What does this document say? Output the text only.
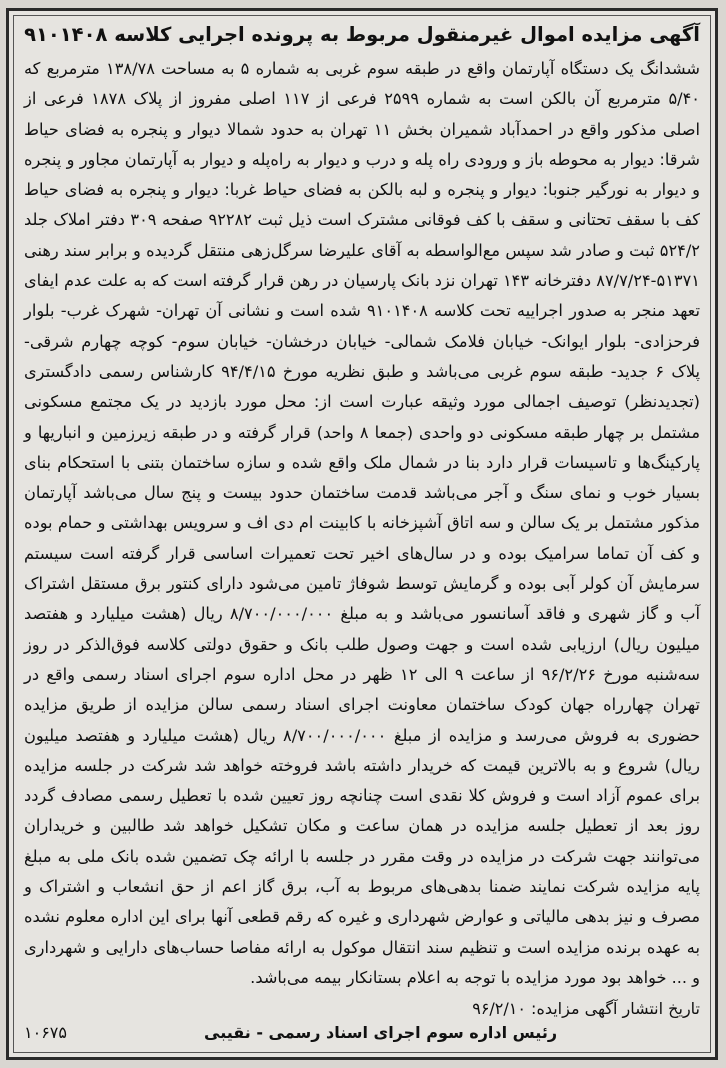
آگهی مزایده اموال غیرمنقول مربوط به پرونده اجرایی کلاسه ۹۱۰۱۴۰۸

ششدانگ یک دستگاه آپارتمان واقع در طبقه سوم غربی به شماره ۵ به مساحت ۱۳۸/۷۸ مترمربع که ۵/۴۰ مترمربع آن بالکن است به شماره ۲۵۹۹ فرعی از ۱۱۷ اصلی مفروز از پلاک ۱۸۷۸ فرعی از اصلی مذکور واقع در احمدآباد شمیران بخش ۱۱ تهران به حدود شمالا دیوار و پنجره به فضای حیاط شرقا: دیوار به محوطه باز و ورودی راه پله و درب و دیوار به راه‌پله و دیوار به آپارتمان مجاور و پنجره و دیوار به نورگیر جنوبا: دیوار و پنجره و لبه بالکن به فضای حیاط غربا: دیوار و پنجره به فضای حیاط کف با سقف تحتانی و سقف با کف فوقانی مشترک است ذیل ثبت ۹۲۲۸۲ صفحه ۳۰۹ دفتر املاک جلد ۵۲۴/۲ ثبت و صادر شد سپس مع‌الواسطه به آقای علیرضا سرگل‌زهی منتقل گردیده و برابر سند رهنی ۵۱۳۷۱-۸۷/۷/۲۴ دفترخانه ۱۴۳ تهران نزد بانک پارسیان در رهن قرار گرفته است که به علت عدم ایفای تعهد منجر به صدور اجراییه تحت کلاسه ۹۱۰۱۴۰۸ شده است و نشانی آن تهران- شهرک غرب- بلوار فرحزادی- بلوار ایوانک- خیابان فلامک شمالی- خیابان درخشان- خیابان سوم- کوچه چهارم شرقی- پلاک ۶ جدید- طبقه سوم غربی می‌باشد و طبق نظریه مورخ ۹۴/۴/۱۵ کارشناس رسمی دادگستری (تجدیدنظر) توصیف اجمالی مورد وثیقه عبارت است از: محل مورد بازدید در یک مجتمع مسکونی مشتمل بر چهار طبقه مسکونی دو واحدی (جمعا ۸ واحد) قرار گرفته و در طبقه زیرزمین و انباریها و پارکینگ‌ها و تاسیسات قرار دارد بنا در شمال ملک واقع شده و سازه ساختمان بتنی با استحکام بنای بسیار خوب و نمای سنگ و آجر می‌باشد قدمت ساختمان حدود بیست و پنج سال می‌باشد آپارتمان مذکور مشتمل بر یک سالن و سه اتاق آشپزخانه با کابینت ام دی اف و سرویس بهداشتی و حمام بوده و کف آن تماما سرامیک بوده و در سال‌های اخیر تحت تعمیرات اساسی قرار گرفته است سیستم سرمایش آن کولر آبی بوده و گرمایش توسط شوفاژ تامین می‌شود دارای کنتور برق مستقل اشتراک آب و گاز شهری و فاقد آسانسور می‌باشد و به مبلغ ۸/۷۰۰/۰۰۰/۰۰۰ ریال (هشت میلیارد و هفتصد میلیون ریال) ارزیابی شده است و جهت وصول طلب بانک و حقوق دولتی کلاسه فوق‌الذکر در روز سه‌شنبه مورخ ۹۶/۲/۲۶ از ساعت ۹ الی ۱۲ ظهر در محل اداره سوم اجرای اسناد رسمی واقع در تهران چهارراه جهان کودک ساختمان معاونت اجرای اسناد رسمی سالن مزایده از طریق مزایده حضوری به فروش می‌رسد و مزایده از مبلغ ۸/۷۰۰/۰۰۰/۰۰۰ ریال (هشت میلیارد و هفتصد میلیون ریال) شروع و به بالاترین قیمت که خریدار داشته باشد فروخته خواهد شد شرکت در جلسه مزایده برای عموم آزاد است و فروش کلا نقدی است چنانچه روز تعیین شده با تعطیل رسمی مصادف گردد روز بعد از تعطیل جلسه مزایده در همان ساعت و مکان تشکیل خواهد شد طالبین و خریداران می‌توانند جهت شرکت در مزایده در وقت مقرر در جلسه با ارائه چک تضمین شده بانک ملی به مبلغ پایه مزایده شرکت نمایند ضمنا بدهی‌های مربوط به آب، برق گاز اعم از حق انشعاب و اشتراک و مصرف و نیز بدهی مالیاتی و عوارض شهرداری و غیره که رقم قطعی آنها برای این اداره معلوم نشده به عهده برنده مزایده است و تنظیم سند انتقال موکول به ارائه مفاصا حساب‌های دارایی و شهرداری و ... خواهد بود مورد مزایده با توجه به اعلام بستانکار بیمه می‌باشد.

تاریخ انتشار آگهی مزایده: ۹۶/۲/۱۰
رئیس اداره سوم اجرای اسناد رسمی - نقیبی
۱۰۶۷۵
